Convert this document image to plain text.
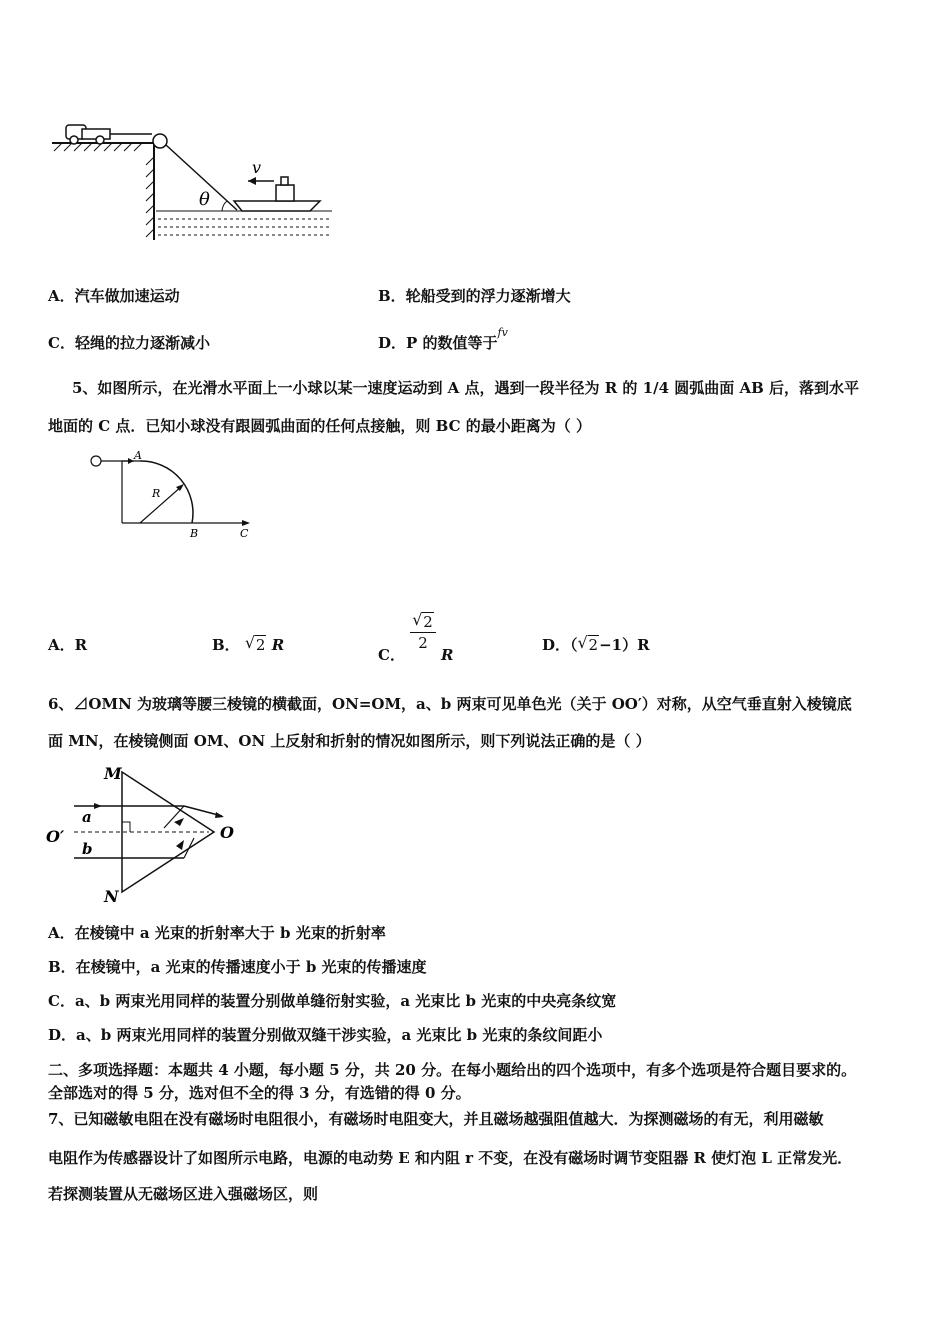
v
θ
A．汽车做加速运动	B．轮船受到的浮力逐渐增大
C．轻绳的拉力逐渐减小	D．P 的数值等于$^{fv}$
5、如图所示，在光滑水平面上一小球以某一速度运动到 A 点，遇到一段半径为 R 的 1/4 圆弧曲面 AB 后，落到水平
地面的 C 点．已知小球没有跟圆弧曲面的任何点接触，则 BC 的最小距离为（ ）
A
R
B	C
A．R	B． √ 2 R
C．
$\frac{√ 2}{2}$
R
D．（ √ 2−1）R
6、⊿OMN 为玻璃等腰三棱镜的横截面，ON=OM，a、b 两束可见单色光（关于 OO′）对称，从空气垂直射入棱镜底
面 MN，在棱镜侧面 OM、ON 上反射和折射的情况如图所示，则下列说法正确的是（ ）
M
a
O′
b
O
N
A．在棱镜中 a 光束的折射率大于 b 光束的折射率
B．在棱镜中，a 光束的传播速度小于 b 光束的传播速度
C．a、b 两束光用同样的装置分别做单缝衍射实验，a 光束比 b 光束的中央亮条纹宽
D．a、b 两束光用同样的装置分别做双缝干涉实验，a 光束比 b 光束的条纹间距小
二、多项选择题：本题共 4 小题，每小题 5 分，共 20 分。在每小题给出的四个选项中，有多个选项是符合题目要求的。
全部选对的得 5 分，选对但不全的得 3 分，有选错的得 0 分。
7、已知磁敏电阻在没有磁场时电阻很小，有磁场时电阻变大，并且磁场越强阻值越大．为探测磁场的有无，利用磁敏
电阻作为传感器设计了如图所示电路，电源的电动势 E 和内阻 r 不变，在没有磁场时调节变阻器 R 使灯泡 L 正常发光．
若探测装置从无磁场区进入强磁场区，则
